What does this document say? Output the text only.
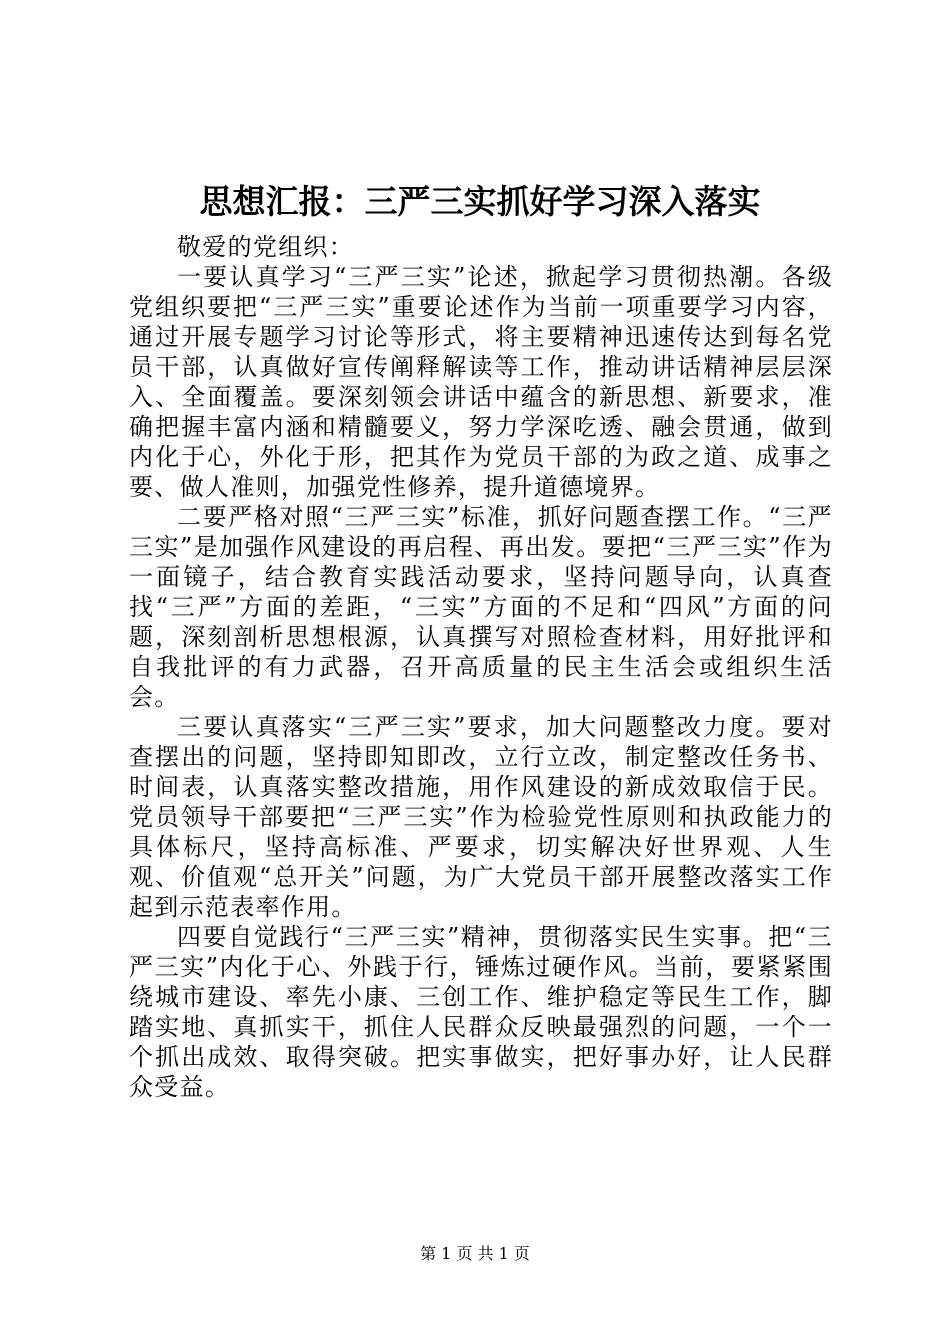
思想汇报：三严三实抓好学习深入落实

敬爱的党组织：

一要认真学习“三严三实”论述，掀起学习贯彻热潮。各级党组织要把“三严三实”重要论述作为当前一项重要学习内容，通过开展专题学习讨论等形式，将主要精神迅速传达到每名党员干部，认真做好宣传阐释解读等工作，推动讲话精神层层深入、全面覆盖。要深刻领会讲话中蕴含的新思想、新要求，准确把握丰富内涵和精髓要义，努力学深吃透、融会贯通，做到内化于心，外化于形，把其作为党员干部的为政之道、成事之要、做人准则，加强党性修养，提升道德境界。

二要严格对照“三严三实”标准，抓好问题查摆工作。“三严三实”是加强作风建设的再启程、再出发。要把“三严三实”作为一面镜子，结合教育实践活动要求，坚持问题导向，认真查找“三严”方面的差距，“三实”方面的不足和“四风”方面的问题，深刻剖析思想根源，认真撰写对照检查材料，用好批评和自我批评的有力武器，召开高质量的民主生活会或组织生活会。

三要认真落实“三严三实”要求，加大问题整改力度。要对查摆出的问题，坚持即知即改，立行立改，制定整改任务书、时间表，认真落实整改措施，用作风建设的新成效取信于民。党员领导干部要把“三严三实”作为检验党性原则和执政能力的具体标尺，坚持高标准、严要求，切实解决好世界观、人生观、价值观“总开关”问题，为广大党员干部开展整改落实工作起到示范表率作用。

四要自觉践行“三严三实”精神，贯彻落实民生实事。把“三严三实”内化于心、外践于行，锤炼过硬作风。当前，要紧紧围绕城市建设、率先小康、三创工作、维护稳定等民生工作，脚踏实地、真抓实干，抓住人民群众反映最强烈的问题，一个一个抓出成效、取得突破。把实事做实，把好事办好，让人民群众受益。

第 1 页 共 1 页
